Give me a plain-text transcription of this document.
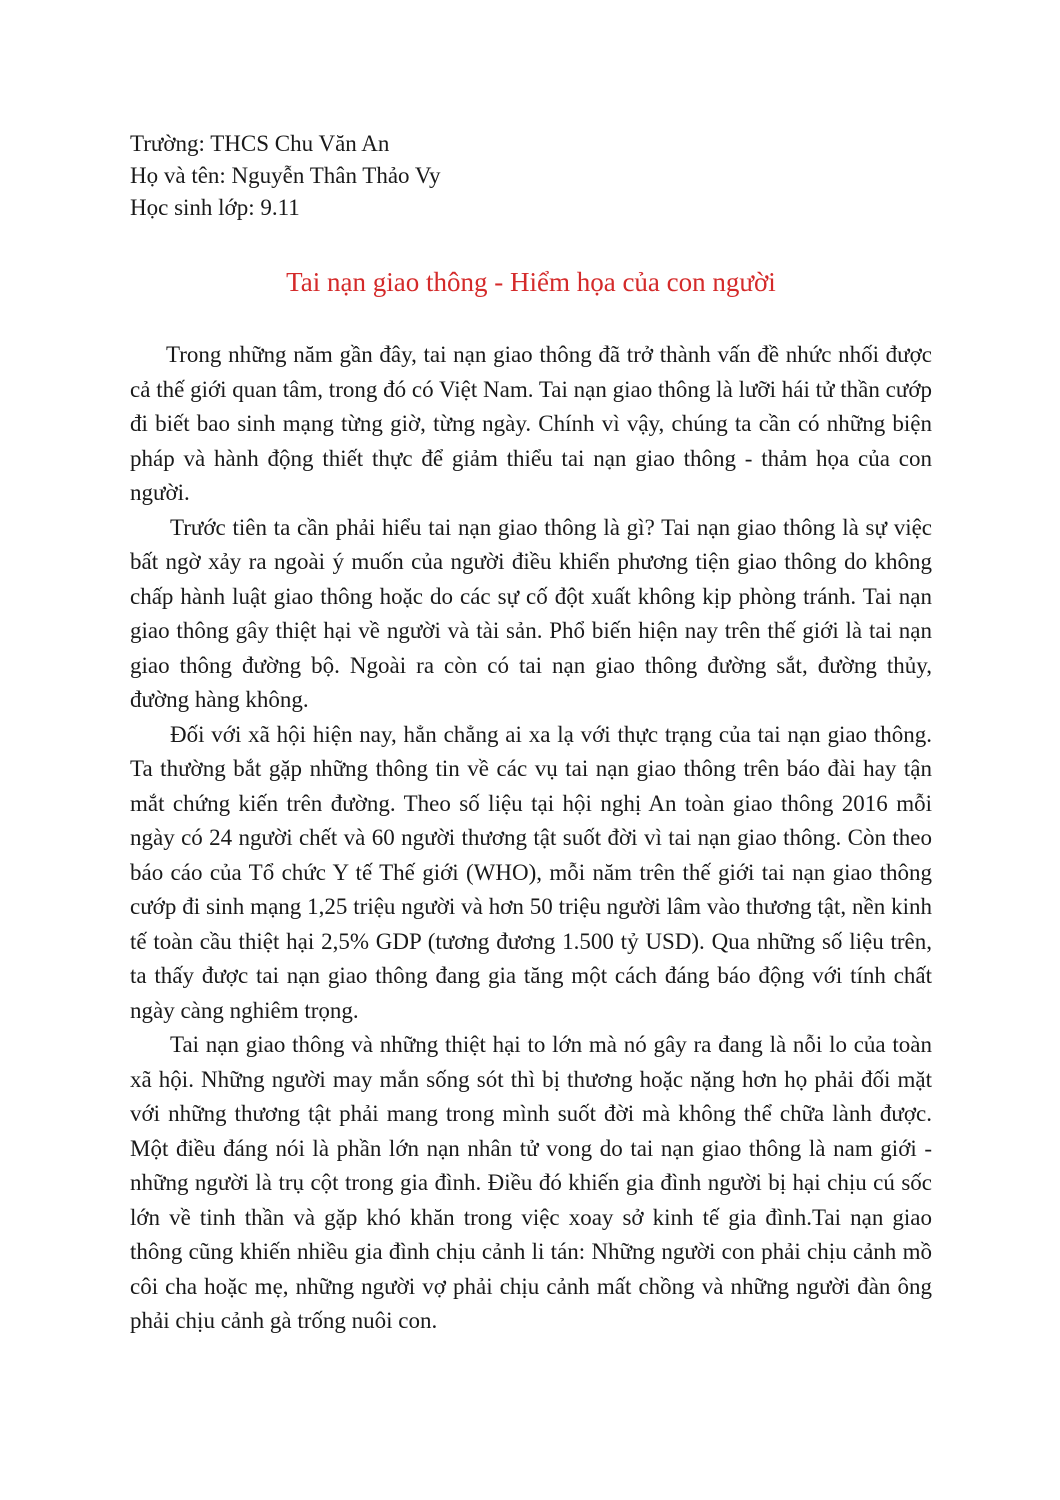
Trường: THCS Chu Văn An

Họ và tên: Nguyễn Thân Thảo Vy

Học sinh lớp: 9.11

Tai nạn giao thông - Hiểm họa của con người

Trong những năm gần đây, tai nạn giao thông đã trở thành vấn đề nhức nhối được cả thế giới quan tâm, trong đó có Việt Nam. Tai nạn giao thông là lưỡi hái tử thần cướp đi biết bao sinh mạng từng giờ, từng ngày. Chính vì vậy, chúng ta cần có những biện pháp và hành động thiết thực để giảm thiểu tai nạn giao thông - thảm họa của con người.

Trước tiên ta cần phải hiểu tai nạn giao thông là gì? Tai nạn giao thông là sự việc bất ngờ xảy ra ngoài ý muốn của người điều khiển phương tiện giao thông do không chấp hành luật giao thông hoặc do các sự cố đột xuất không kịp phòng tránh. Tai nạn giao thông gây thiệt hại về người và tài sản. Phổ biến hiện nay trên thế giới là tai nạn giao thông đường bộ. Ngoài ra còn có tai nạn giao thông đường sắt, đường thủy, đường hàng không.

Đối với xã hội hiện nay, hẳn chẳng ai xa lạ với thực trạng của tai nạn giao thông. Ta thường bắt gặp những thông tin về các vụ tai nạn giao thông trên báo đài hay tận mắt chứng kiến trên đường. Theo số liệu tại hội nghị An toàn giao thông 2016 mỗi ngày có 24 người chết và 60 người thương tật suốt đời vì tai nạn giao thông. Còn theo báo cáo của Tổ chức Y tế Thế giới (WHO), mỗi năm trên thế giới tai nạn giao thông cướp đi sinh mạng 1,25 triệu người và hơn 50 triệu người lâm vào thương tật, nền kinh tế toàn cầu thiệt hại 2,5% GDP (tương đương 1.500 tỷ USD). Qua những số liệu trên, ta thấy được tai nạn giao thông đang gia tăng một cách đáng báo động với tính chất ngày càng nghiêm trọng.

Tai nạn giao thông và những thiệt hại to lớn mà nó gây ra đang là nỗi lo của toàn xã hội. Những người may mắn sống sót thì bị thương hoặc nặng hơn họ phải đối mặt với những thương tật phải mang trong mình suốt đời mà không thể chữa lành được. Một điều đáng nói là phần lớn nạn nhân tử vong do tai nạn giao thông là nam giới - những người là trụ cột trong gia đình. Điều đó khiến gia đình người bị hại chịu cú sốc lớn về tinh thần và gặp khó khăn trong việc xoay sở kinh tế gia đình.Tai nạn giao thông cũng khiến nhiều gia đình chịu cảnh li tán: Những người con phải chịu cảnh mồ côi cha hoặc mẹ, những người vợ phải chịu cảnh mất chồng và những người đàn ông phải chịu cảnh gà trống nuôi con.
